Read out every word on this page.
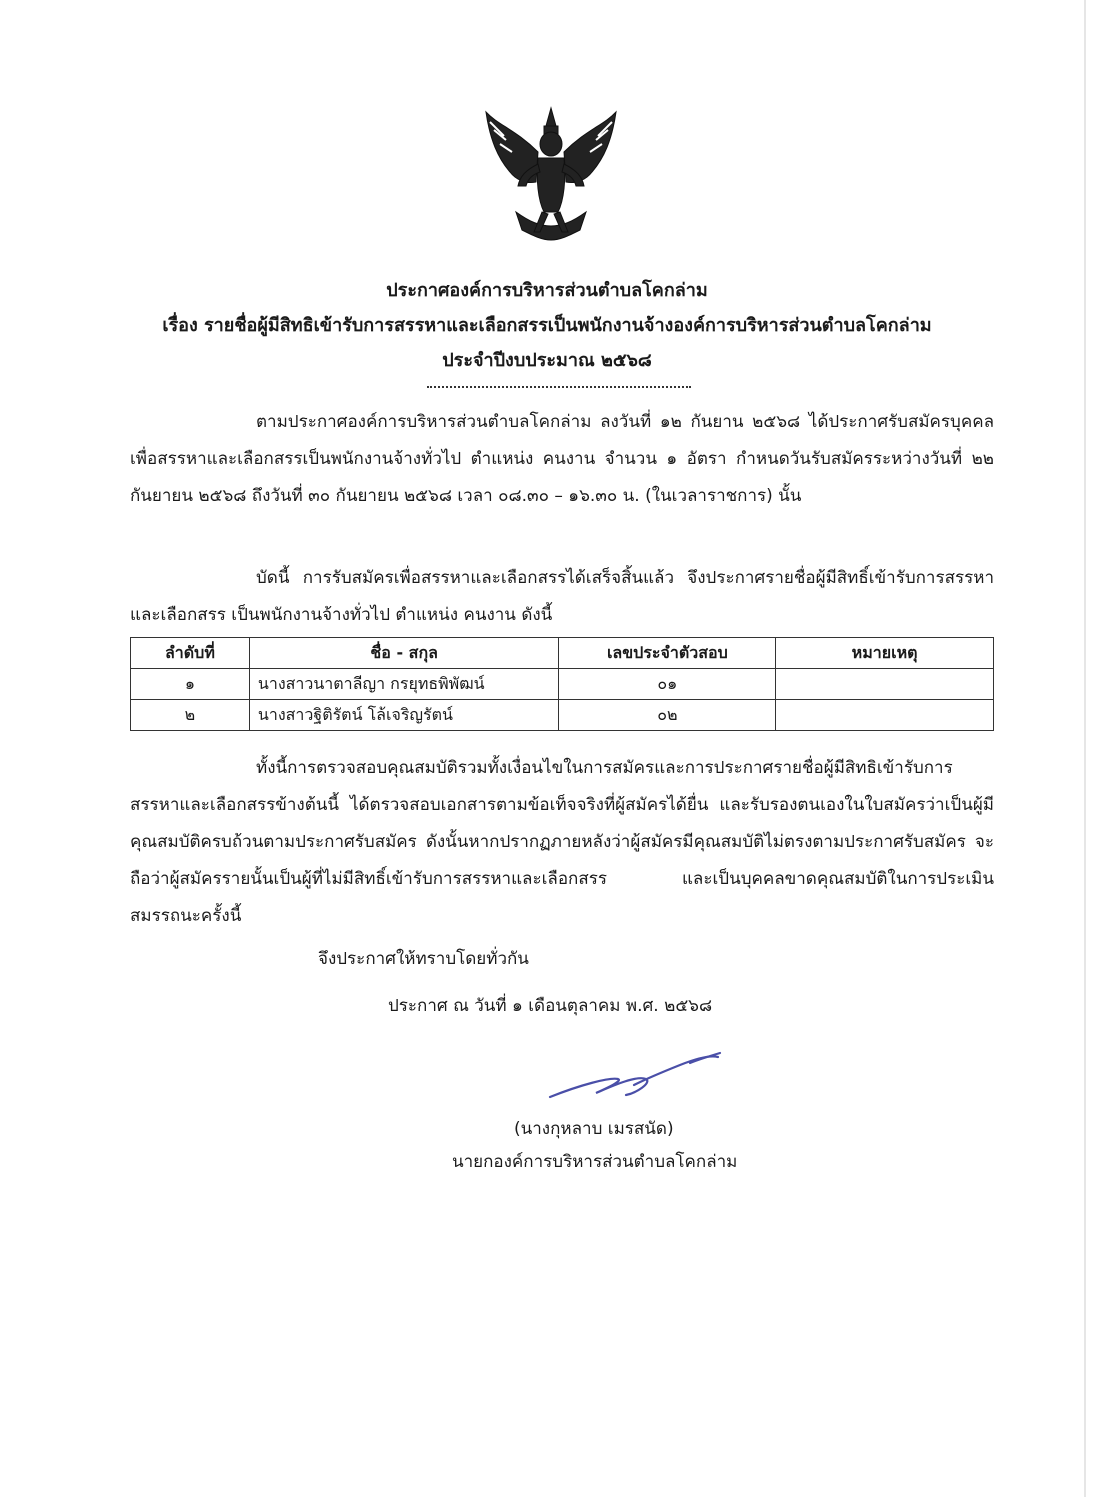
ประกาศองค์การบริหารส่วนตำบลโคกล่าม
เรื่อง รายชื่อผู้มีสิทธิเข้ารับการสรรหาและเลือกสรรเป็นพนักงานจ้างองค์การบริหารส่วนตำบลโคกล่าม
ประจำปีงบประมาณ ๒๕๖๘
ตามประกาศองค์การบริหารส่วนตำบลโคกล่าม ลงวันที่ ๑๒ กันยาน ๒๕๖๘ ได้ประกาศรับสมัครบุคคลเพื่อสรรหาและเลือกสรรเป็นพนักงานจ้างทั่วไป ตำแหน่ง คนงาน จำนวน ๑ อัตรา กำหนดวันรับสมัครระหว่างวันที่ ๒๒ กันยายน ๒๕๖๘ ถึงวันที่ ๓๐ กันยายน ๒๕๖๘ เวลา ๐๘.๓๐ – ๑๖.๓๐ น. (ในเวลาราชการ) นั้น
บัดนี้ การรับสมัครเพื่อสรรหาและเลือกสรรได้เสร็จสิ้นแล้ว จึงประกาศรายชื่อผู้มีสิทธิ์เข้ารับการสรรหาและเลือกสรร เป็นพนักงานจ้างทั่วไป ตำแหน่ง คนงาน ดังนี้
ลำดับที่	ชื่อ - สกุล	เลขประจำตัวสอบ	หมายเหตุ
๑	นางสาวนาตาลีญา กรยุทธพิพัฒน์	๐๑	
๒	นางสาวฐิติรัตน์ โล้เจริญรัตน์	๐๒	
ทั้งนี้การตรวจสอบคุณสมบัติรวมทั้งเงื่อนไขในการสมัครและการประกาศรายชื่อผู้มีสิทธิเข้ารับการสรรหาและเลือกสรรข้างต้นนี้ ได้ตรวจสอบเอกสารตามข้อเท็จจริงที่ผู้สมัครได้ยื่น และรับรองตนเองในใบสมัครว่าเป็นผู้มีคุณสมบัติครบถ้วนตามประกาศรับสมัคร ดังนั้นหากปรากฏภายหลังว่าผู้สมัครมีคุณสมบัติไม่ตรงตามประกาศรับสมัคร จะถือว่าผู้สมัครรายนั้นเป็นผู้ที่ไม่มีสิทธิ์เข้ารับการสรรหาและเลือกสรร และเป็นบุคคลขาดคุณสมบัติในการประเมินสมรรถนะครั้งนี้
จึงประกาศให้ทราบโดยทั่วกัน
ประกาศ ณ วันที่ ๑ เดือนตุลาคม พ.ศ. ๒๕๖๘
(นางกุหลาบ เมรสนัด)
นายกองค์การบริหารส่วนตำบลโคกล่าม
